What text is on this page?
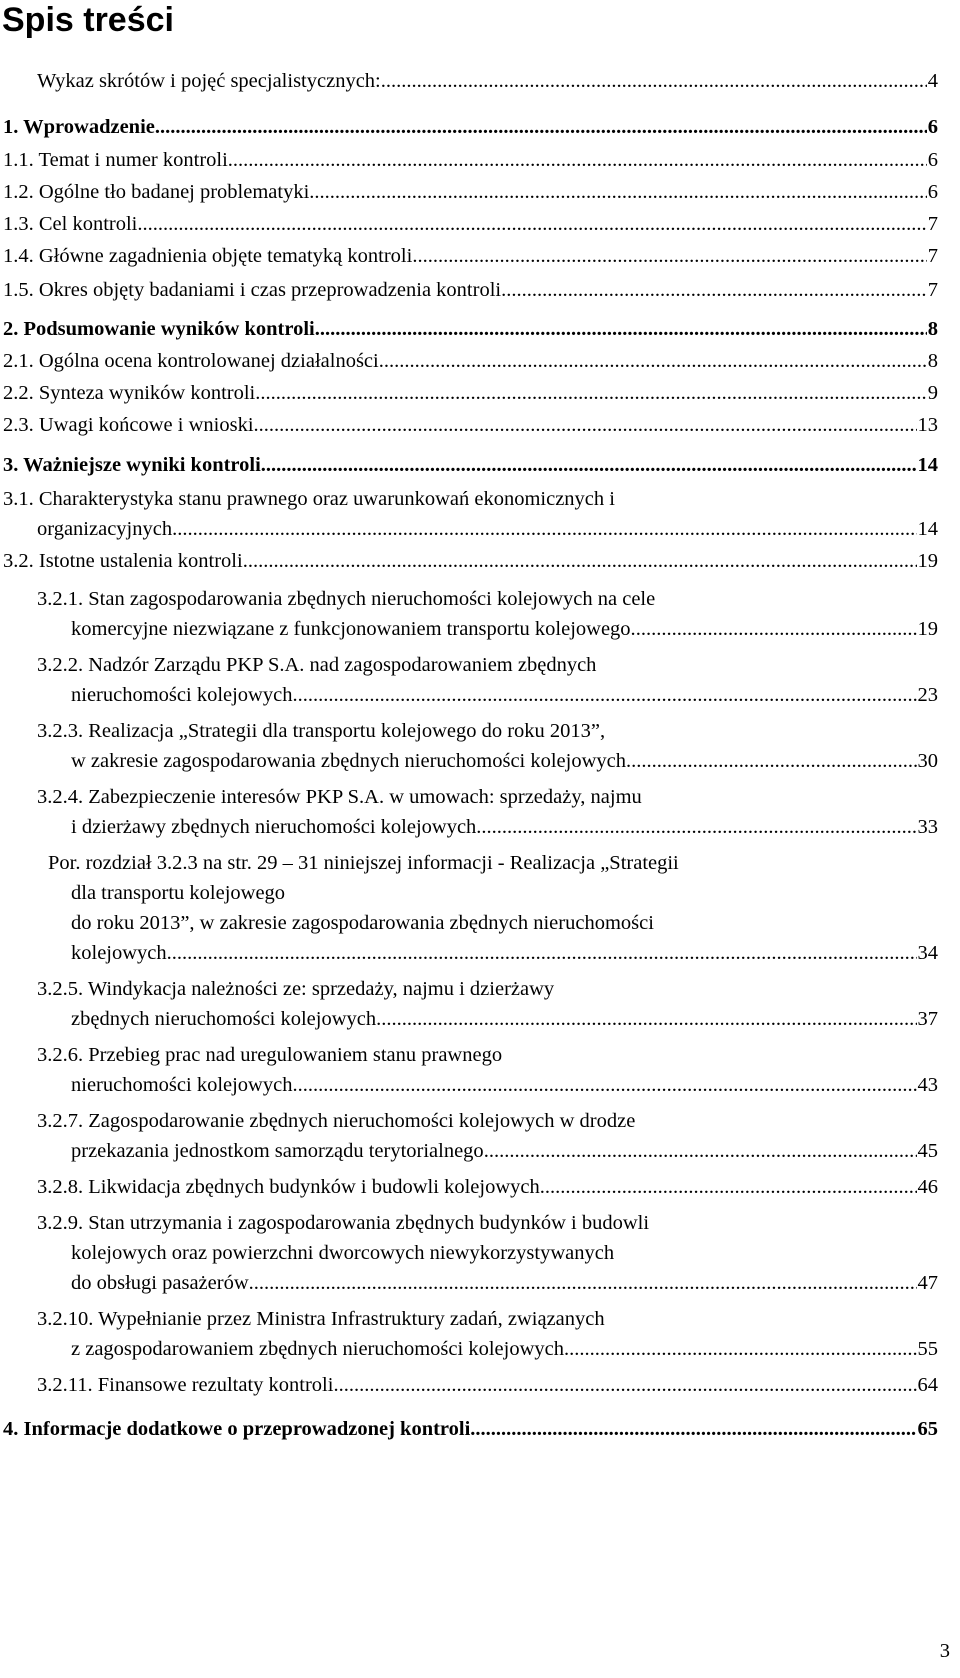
Spis treści
Wykaz skrótów i pojęć specjalistycznych: .....	4
1. Wprowadzenie .....	6
1.1. Temat i numer kontroli .....	6
1.2. Ogólne tło badanej problematyki .....	6
1.3. Cel kontroli .....	7
1.4. Główne zagadnienia objęte tematyką kontroli .....	7
1.5. Okres objęty badaniami i czas przeprowadzenia kontroli .....	7
2. Podsumowanie wyników kontroli .....	8
2.1. Ogólna ocena kontrolowanej działalności .....	8
2.2. Synteza wyników kontroli .....	9
2.3. Uwagi końcowe i wnioski .....	13
3. Ważniejsze wyniki kontroli .....	14
3.1. Charakterystyka stanu prawnego oraz uwarunkowań ekonomicznych i
organizacyjnych .....	14
3.2. Istotne ustalenia kontroli .....	19
3.2.1. Stan zagospodarowania zbędnych nieruchomości kolejowych na cele
komercyjne niezwiązane z funkcjonowaniem transportu kolejowego. .....	19
3.2.2. Nadzór Zarządu PKP S.A. nad zagospodarowaniem zbędnych
nieruchomości kolejowych .....	23
3.2.3. Realizacja „Strategii dla transportu kolejowego do roku 2013”,
w zakresie zagospodarowania zbędnych nieruchomości kolejowych. .....	30
3.2.4. Zabezpieczenie interesów PKP S.A. w umowach: sprzedaży, najmu
i dzierżawy zbędnych nieruchomości kolejowych .....	33
Por. rozdział 3.2.3 na str. 29 – 31 niniejszej informacji - Realizacja „Strategii
dla transportu kolejowego
do roku 2013”, w zakresie zagospodarowania zbędnych nieruchomości
kolejowych .....	34
3.2.5. Windykacja należności ze: sprzedaży, najmu i dzierżawy
zbędnych nieruchomości kolejowych .....	37
3.2.6. Przebieg prac nad uregulowaniem stanu prawnego
nieruchomości kolejowych .....	43
3.2.7. Zagospodarowanie zbędnych nieruchomości kolejowych w drodze
przekazania jednostkom samorządu terytorialnego .....	45
3.2.8. Likwidacja zbędnych budynków i budowli kolejowych .....	46
3.2.9. Stan utrzymania i zagospodarowania zbędnych budynków i budowli
kolejowych oraz powierzchni dworcowych niewykorzystywanych
do obsługi pasażerów .....	47
3.2.10. Wypełnianie przez Ministra Infrastruktury zadań, związanych
z zagospodarowaniem zbędnych nieruchomości kolejowych .....	55
3.2.11. Finansowe rezultaty kontroli .....	64
4. Informacje dodatkowe o przeprowadzonej kontroli .....	65
3
